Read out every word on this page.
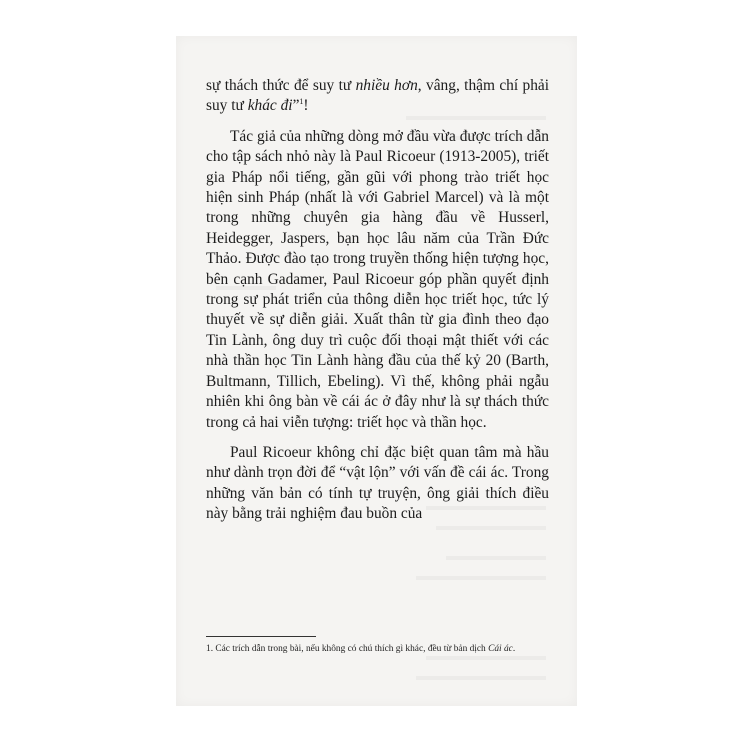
sự thách thức để suy tư nhiều hơn, vâng, thậm chí phải suy tư khác đi”$^1$!

Tác giả của những dòng mở đầu vừa được trích dẫn cho tập sách nhỏ này là Paul Ricoeur (1913-2005), triết gia Pháp nổi tiếng, gần gũi với phong trào triết học hiện sinh Pháp (nhất là với Gabriel Marcel) và là một trong những chuyên gia hàng đầu về Husserl, Heidegger, Jaspers, bạn học lâu năm của Trần Đức Thảo. Được đào tạo trong truyền thống hiện tượng học, bên cạnh Gadamer, Paul Ricoeur góp phần quyết định trong sự phát triển của thông diễn học triết học, tức lý thuyết về sự diễn giải. Xuất thân từ gia đình theo đạo Tin Lành, ông duy trì cuộc đối thoại mật thiết với các nhà thần học Tin Lành hàng đầu của thế kỷ 20 (Barth, Bultmann, Tillich, Ebeling). Vì thế, không phải ngẫu nhiên khi ông bàn về cái ác ở đây như là sự thách thức trong cả hai viễn tượng: triết học và thần học.

Paul Ricoeur không chỉ đặc biệt quan tâm mà hầu như dành trọn đời để “vật lộn” với vấn đề cái ác. Trong những văn bản có tính tự truyện, ông giải thích điều này bằng trải nghiệm đau buồn của

1. Các trích dẫn trong bài, nếu không có chú thích gì khác, đều từ bản dịch Cái ác.
